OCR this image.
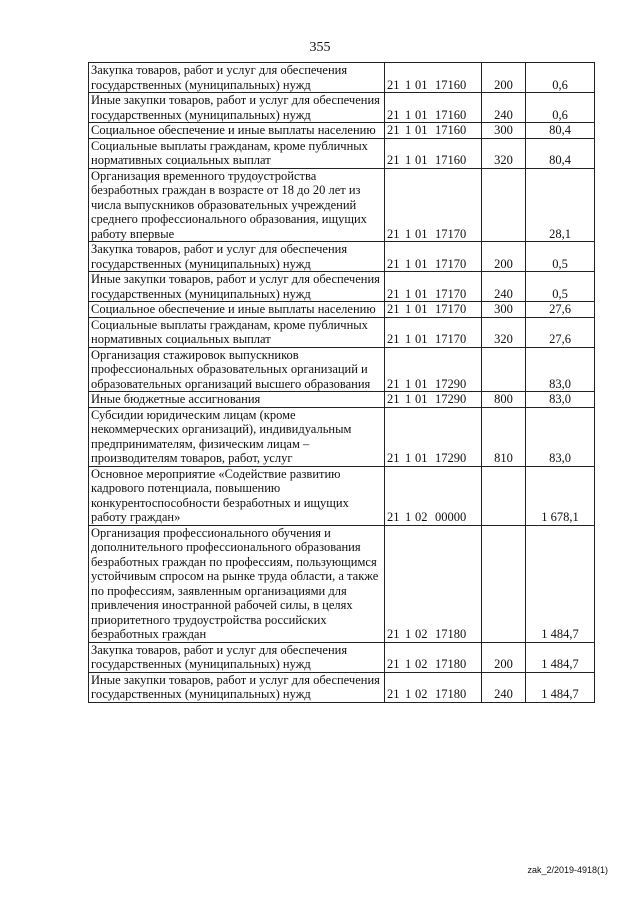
355
Закупка товаров, работ и услуг для обеспечения государственных (муниципальных) нужд	21 1 01 17160	200	0,6
Иные закупки товаров, работ и услуг для обеспечения государственных (муниципальных) нужд	21 1 01 17160	240	0,6
Социальное обеспечение и иные выплаты населению	21 1 01 17160	300	80,4
Социальные выплаты гражданам, кроме публичных нормативных социальных выплат	21 1 01 17160	320	80,4
Организация временного трудоустройства безработных граждан в возрасте от 18 до 20 лет из числа выпускников образовательных учреждений среднего профессионального образования, ищущих работу впервые	21 1 01 17170		28,1
Закупка товаров, работ и услуг для обеспечения государственных (муниципальных) нужд	21 1 01 17170	200	0,5
Иные закупки товаров, работ и услуг для обеспечения государственных (муниципальных) нужд	21 1 01 17170	240	0,5
Социальное обеспечение и иные выплаты населению	21 1 01 17170	300	27,6
Социальные выплаты гражданам, кроме публичных нормативных социальных выплат	21 1 01 17170	320	27,6
Организация стажировок выпускников профессиональных образовательных организаций и образовательных организаций высшего образования	21 1 01 17290		83,0
Иные бюджетные ассигнования	21 1 01 17290	800	83,0
Субсидии юридическим лицам (кроме некоммерческих организаций), индивидуальным предпринимателям, физическим лицам – производителям товаров, работ, услуг	21 1 01 17290	810	83,0
Основное мероприятие «Содействие развитию кадрового потенциала, повышению конкурентоспособности безработных и ищущих работу граждан»	21 1 02 00000		1 678,1
Организация профессионального обучения и дополнительного профессионального образования безработных граждан по профессиям, пользующимся устойчивым спросом на рынке труда области, а также по профессиям, заявленным организациями для привлечения иностранной рабочей силы, в целях приоритетного трудоустройства российских безработных граждан	21 1 02 17180		1 484,7
Закупка товаров, работ и услуг для обеспечения государственных (муниципальных) нужд	21 1 02 17180	200	1 484,7
Иные закупки товаров, работ и услуг для обеспечения государственных (муниципальных) нужд	21 1 02 17180	240	1 484,7
zak_2/2019-4918(1)
